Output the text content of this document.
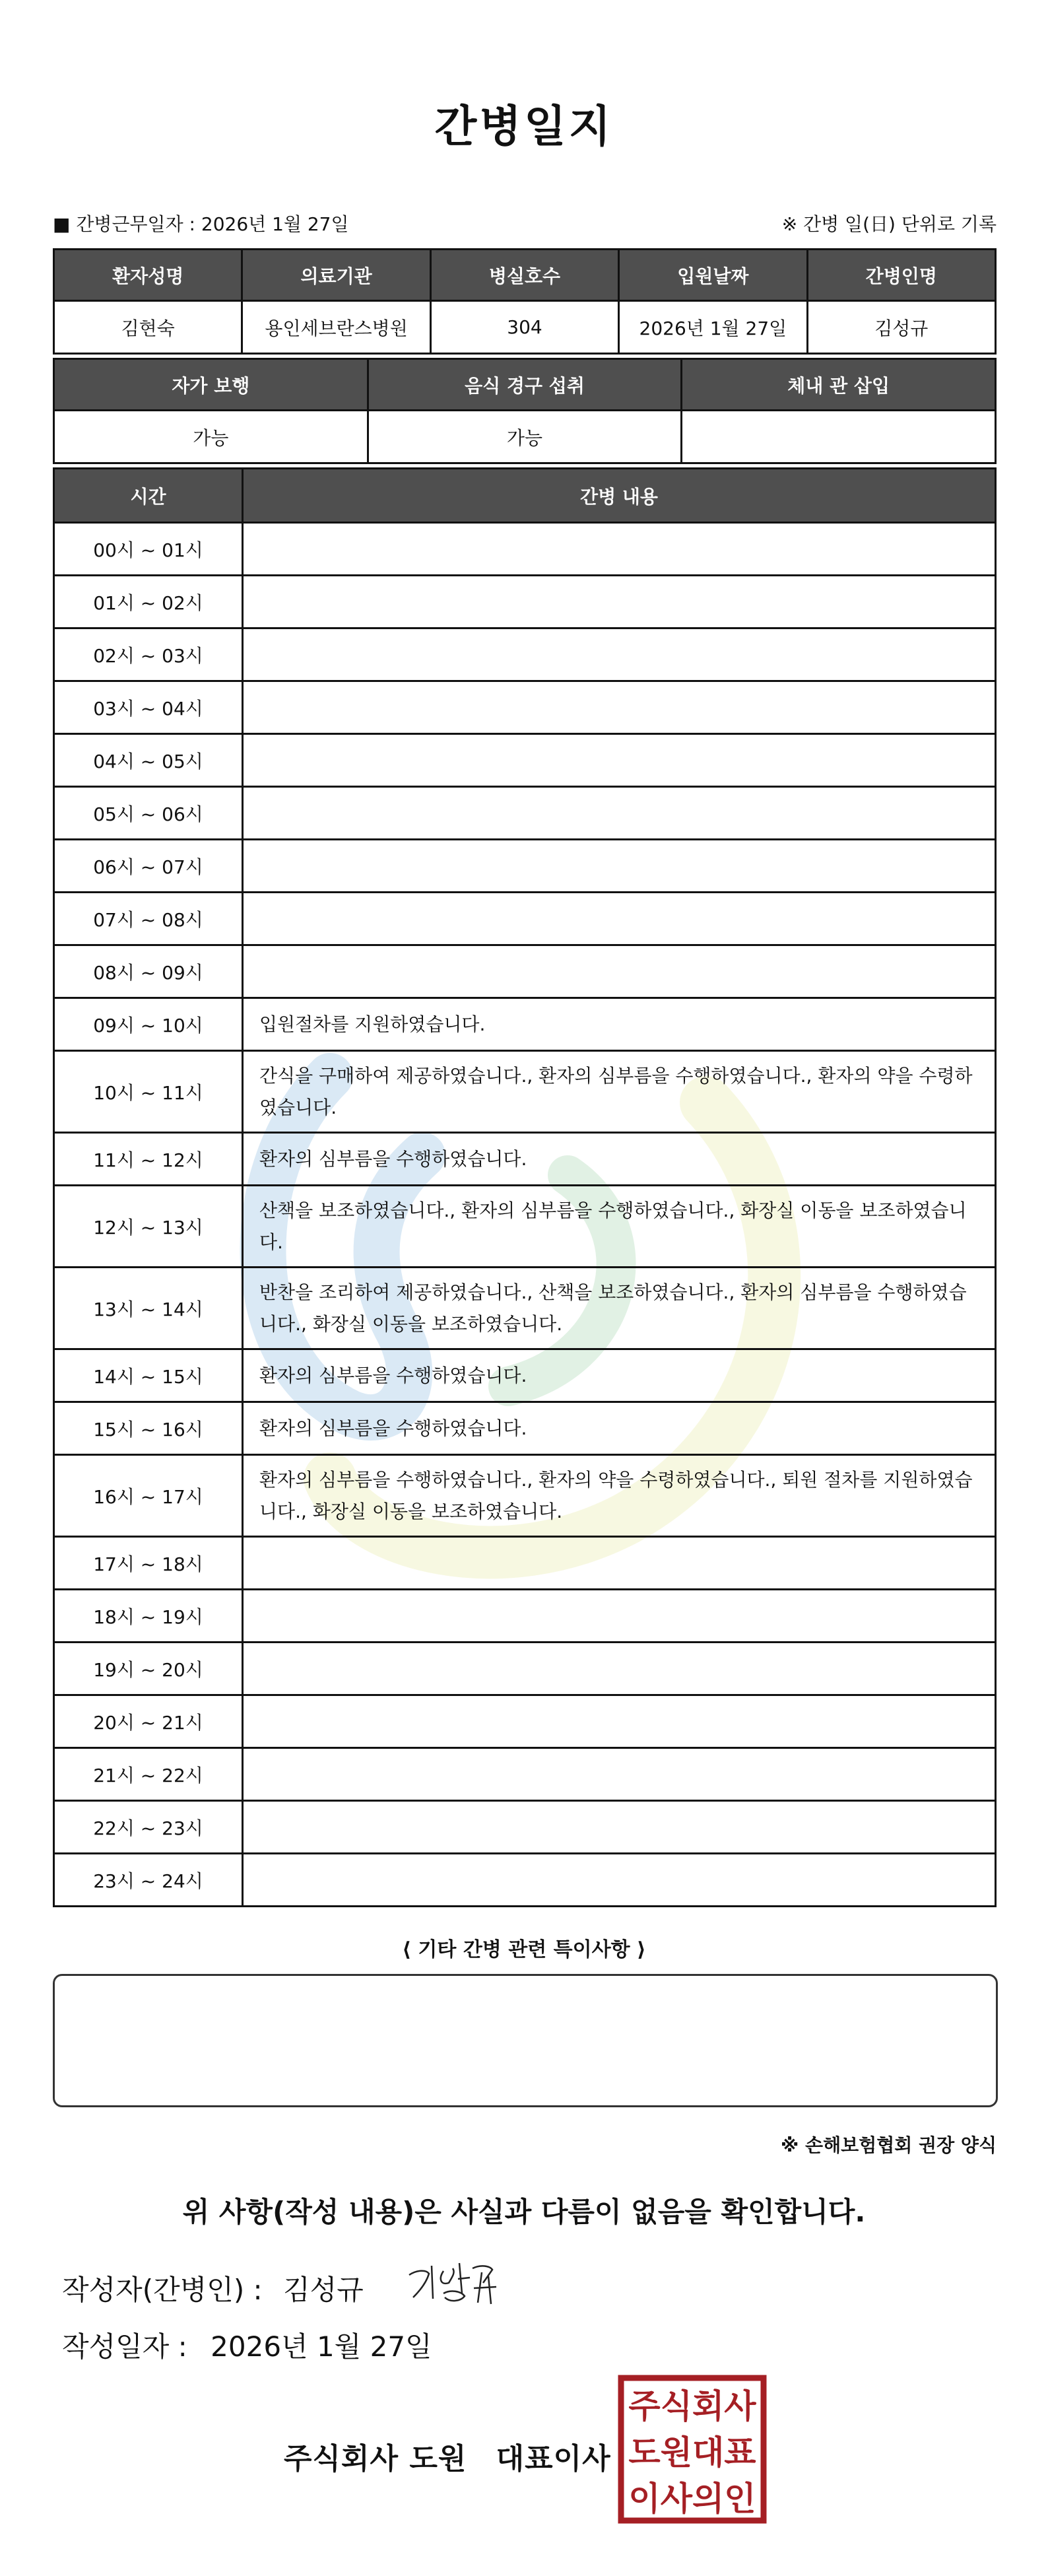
간병일지
■ 간병근무일자 : 2026년 1월 27일	※ 간병 일(日) 단위로 기록
환자성명	의료기관	병실호수	입원날짜	간병인명
김현숙	용인세브란스병원	304	2026년 1월 27일	김성규
자가 보행	음식 경구 섭취	체내 관 삽입
가능	가능	
시간	간병 내용
00시 ~ 01시	
01시 ~ 02시	
02시 ~ 03시	
03시 ~ 04시	
04시 ~ 05시	
05시 ~ 06시	
06시 ~ 07시	
07시 ~ 08시	
08시 ~ 09시	
09시 ~ 10시	입원절차를 지원하였습니다.
10시 ~ 11시	간식을 구매하여 제공하였습니다., 환자의 심부름을 수행하였습니다., 환자의 약을 수령하였습니다.
11시 ~ 12시	환자의 심부름을 수행하였습니다.
12시 ~ 13시	산책을 보조하였습니다., 환자의 심부름을 수행하였습니다., 화장실 이동을 보조하였습니다.
13시 ~ 14시	반찬을 조리하여 제공하였습니다., 산책을 보조하였습니다., 환자의 심부름을 수행하였습니다., 화장실 이동을 보조하였습니다.
14시 ~ 15시	환자의 심부름을 수행하였습니다.
15시 ~ 16시	환자의 심부름을 수행하였습니다.
16시 ~ 17시	환자의 심부름을 수행하였습니다., 환자의 약을 수령하였습니다., 퇴원 절차를 지원하였습니다., 화장실 이동을 보조하였습니다.
17시 ~ 18시	
18시 ~ 19시	
19시 ~ 20시	
20시 ~ 21시	
21시 ~ 22시	
22시 ~ 23시	
23시 ~ 24시	
⟨ 기타 간병 관련 특이사항 ⟩
※ 손해보험협회 권장 양식
위 사항(작성 내용)은 사실과 다름이 없음을 확인합니다.
작성자(간병인) : 김성규
작성일자 : 2026년 1월 27일
주식회사 도원 대표이사
주식회사
도원대표
이사의인
